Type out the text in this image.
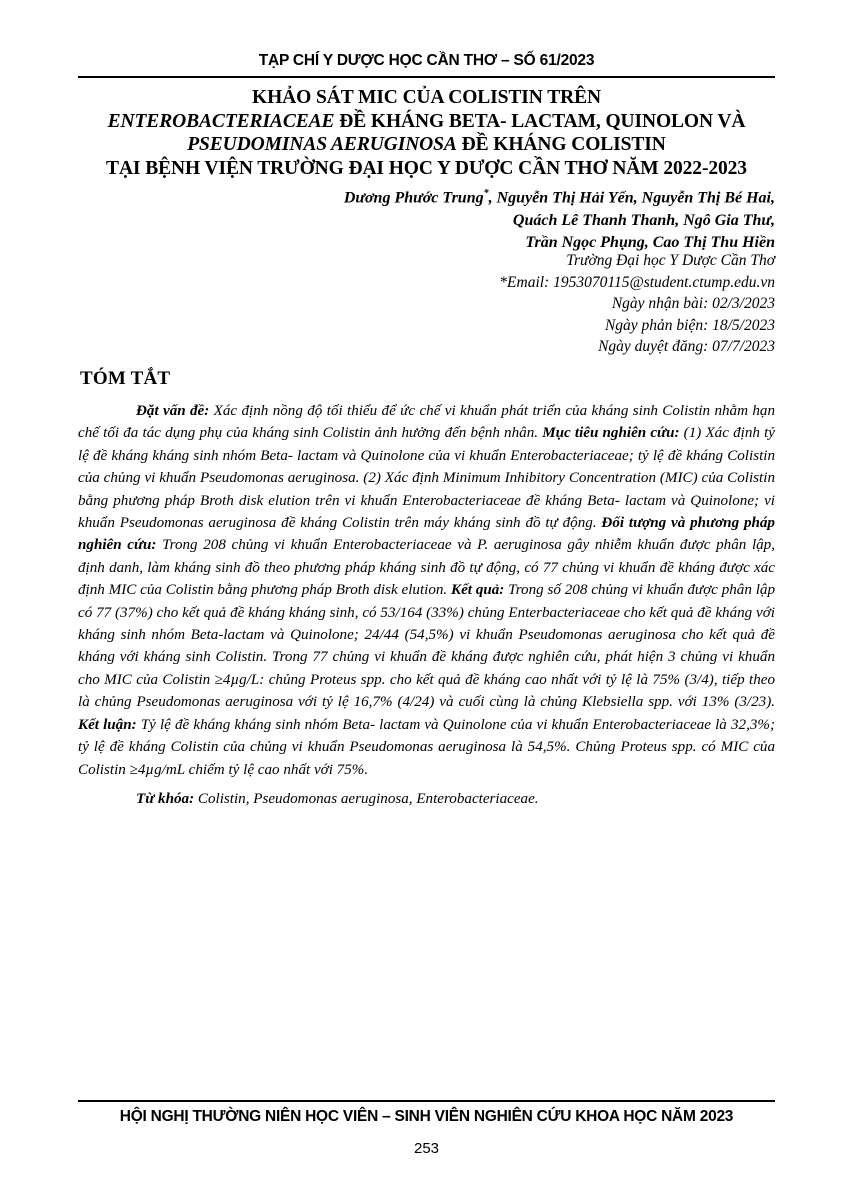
TẠP CHÍ Y DƯỢC HỌC CẦN THƠ – SỐ 61/2023
KHẢO SÁT MIC CỦA COLISTIN TRÊN
ENTEROBACTERIACEAE ĐỀ KHÁNG BETA- LACTAM, QUINOLON VÀ
PSEUDOMINAS AERUGINOSA ĐỀ KHÁNG COLISTIN
TẠI BỆNH VIỆN TRƯỜNG ĐẠI HỌC Y DƯỢC CẦN THƠ NĂM 2022-2023
Dương Phước Trung*, Nguyễn Thị Hải Yến, Nguyễn Thị Bé Hai,
Quách Lê Thanh Thanh, Ngô Gia Thư,
Trần Ngọc Phụng, Cao Thị Thu Hiền
Trường Đại học Y Dược Cần Thơ
*Email: 1953070115@student.ctump.edu.vn
Ngày nhận bài: 02/3/2023
Ngày phản biện: 18/5/2023
Ngày duyệt đăng: 07/7/2023
TÓM TẮT
Đặt vấn đề: Xác định nồng độ tối thiểu để ức chế vi khuẩn phát triển của kháng sinh Colistin nhằm hạn chế tối đa tác dụng phụ của kháng sinh Colistin ảnh hưởng đến bệnh nhân. Mục tiêu nghiên cứu: (1) Xác định tỷ lệ đề kháng kháng sinh nhóm Beta- lactam và Quinolone của vi khuẩn Enterobacteriaceae; tỷ lệ đề kháng Colistin của chủng vi khuẩn Pseudomonas aeruginosa. (2) Xác định Minimum Inhibitory Concentration (MIC) của Colistin bằng phương pháp Broth disk elution trên vi khuẩn Enterobacteriaceae đề kháng Beta- lactam và Quinolone; vi khuẩn Pseudomonas aeruginosa đề kháng Colistin trên máy kháng sinh đồ tự động. Đối tượng và phương pháp nghiên cứu: Trong 208 chủng vi khuẩn Enterobacteriaceae và P. aeruginosa gây nhiễm khuẩn được phân lập, định danh, làm kháng sinh đồ theo phương pháp kháng sinh đồ tự động, có 77 chủng vi khuẩn đề kháng được xác định MIC của Colistin bằng phương pháp Broth disk elution. Kết quả: Trong số 208 chủng vi khuẩn được phân lập có 77 (37%) cho kết quả đề kháng kháng sinh, có 53/164 (33%) chủng Enterbacteriaceae cho kết quả đề kháng với kháng sinh nhóm Beta-lactam và Quinolone; 24/44 (54,5%) vi khuẩn Pseudomonas aeruginosa cho kết quả đề kháng với kháng sinh Colistin. Trong 77 chủng vi khuẩn đề kháng được nghiên cứu, phát hiện 3 chủng vi khuẩn cho MIC của Colistin ≥4µg/L: chủng Proteus spp. cho kết quả đề kháng cao nhất với tỷ lệ là 75% (3/4), tiếp theo là chủng Pseudomonas aeruginosa với tỷ lệ 16,7% (4/24) và cuối cùng là chủng Klebsiella spp. với 13% (3/23). Kết luận: Tỷ lệ đề kháng kháng sinh nhóm Beta- lactam và Quinolone của vi khuẩn Enterobacteriaceae là 32,3%; tỷ lệ đề kháng Colistin của chủng vi khuẩn Pseudomonas aeruginosa là 54,5%. Chủng Proteus spp. có MIC của Colistin ≥4µg/mL chiếm tỷ lệ cao nhất với 75%.
Từ khóa: Colistin, Pseudomonas aeruginosa, Enterobacteriaceae.
HỘI NGHỊ THƯỜNG NIÊN HỌC VIÊN – SINH VIÊN NGHIÊN CỨU KHOA HỌC NĂM 2023
253
